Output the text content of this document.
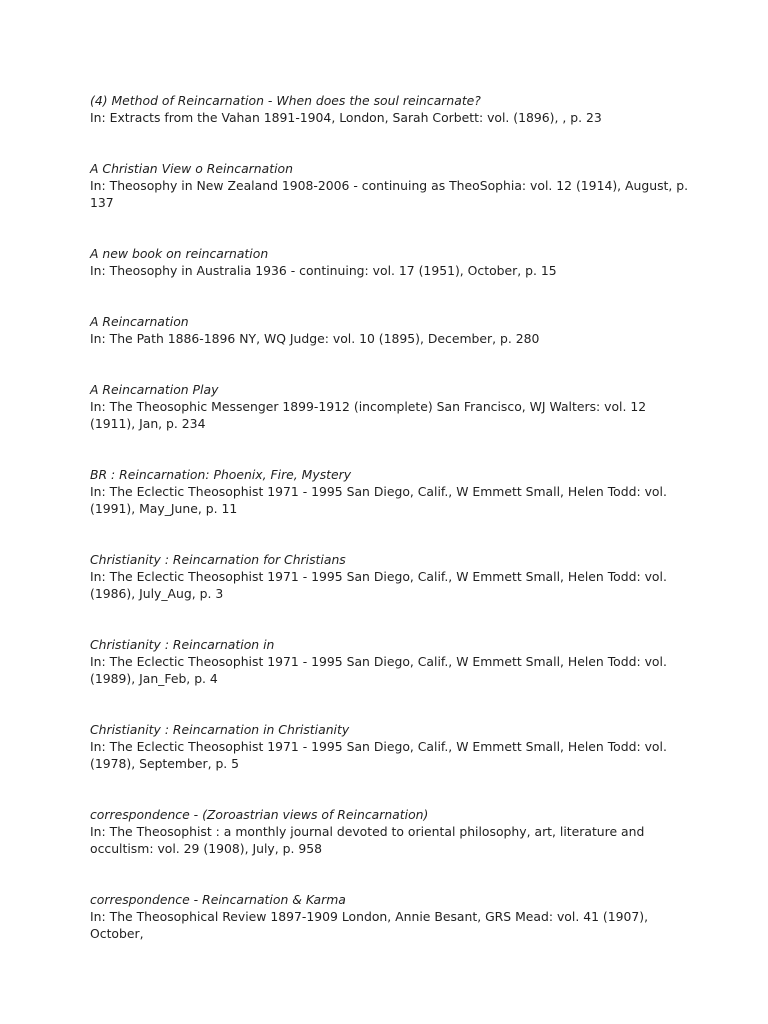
(4) Method of Reincarnation - When does the soul reincarnate?
In: Extracts from the Vahan 1891-1904, London, Sarah Corbett: vol. (1896), , p. 23
A Christian View o Reincarnation
In: Theosophy in New Zealand 1908-2006 - continuing as TheoSophia: vol. 12 (1914), August, p. 137
A new book on reincarnation
In: Theosophy in Australia 1936 - continuing: vol. 17 (1951), October, p. 15
A Reincarnation
In: The Path 1886-1896 NY, WQ Judge: vol. 10 (1895), December, p. 280
A Reincarnation Play
In: The Theosophic Messenger 1899-1912 (incomplete) San Francisco, WJ Walters: vol. 12 (1911), Jan, p. 234
BR : Reincarnation: Phoenix, Fire, Mystery
In: The Eclectic Theosophist 1971 - 1995 San Diego, Calif., W Emmett Small, Helen Todd: vol. (1991), May_June, p. 11
Christianity : Reincarnation for Christians
In: The Eclectic Theosophist 1971 - 1995 San Diego, Calif., W Emmett Small, Helen Todd: vol. (1986), July_Aug, p. 3
Christianity : Reincarnation in
In: The Eclectic Theosophist 1971 - 1995 San Diego, Calif., W Emmett Small, Helen Todd: vol. (1989), Jan_Feb, p. 4
Christianity : Reincarnation in Christianity
In: The Eclectic Theosophist 1971 - 1995 San Diego, Calif., W Emmett Small, Helen Todd: vol. (1978), September, p. 5
correspondence - (Zoroastrian views of Reincarnation)
In: The Theosophist : a monthly journal devoted to oriental philosophy, art, literature and occultism: vol. 29 (1908), July, p. 958
correspondence - Reincarnation & Karma
In: The Theosophical Review 1897-1909 London, Annie Besant, GRS Mead: vol. 41 (1907), October,
